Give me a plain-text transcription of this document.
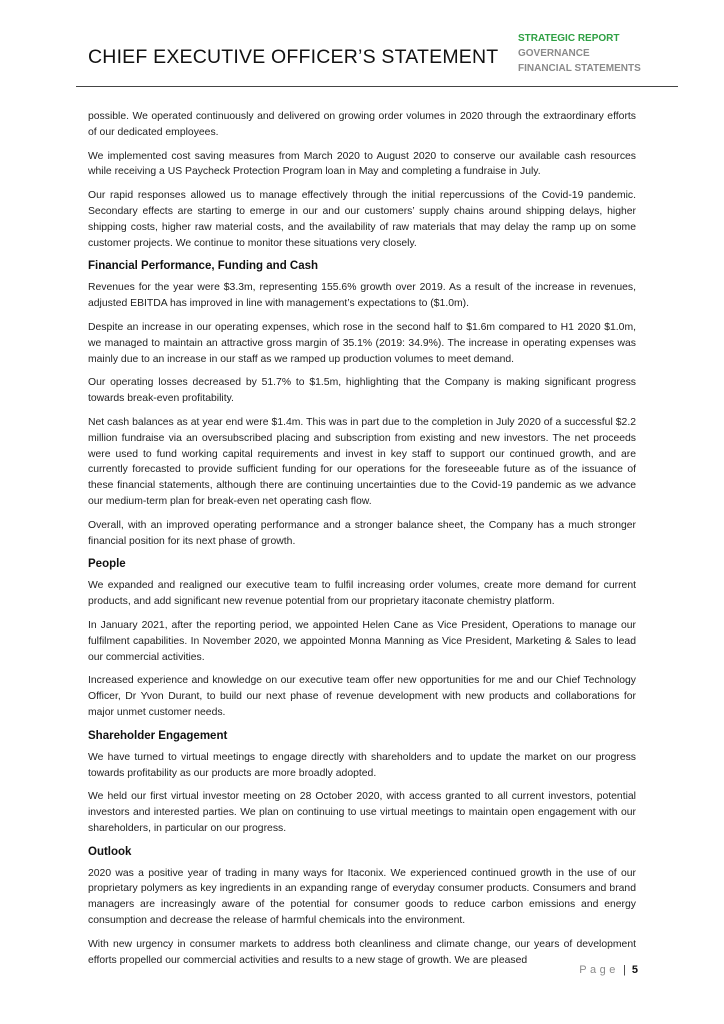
CHIEF EXECUTIVE OFFICER’S STATEMENT
STRATEGIC REPORT
GOVERNANCE
FINANCIAL STATEMENTS

possible. We operated continuously and delivered on growing order volumes in 2020 through the extraordinary efforts of our dedicated employees.

We implemented cost saving measures from March 2020 to August 2020 to conserve our available cash resources while receiving a US Paycheck Protection Program loan in May and completing a fundraise in July.

Our rapid responses allowed us to manage effectively through the initial repercussions of the Covid-19 pandemic. Secondary effects are starting to emerge in our and our customers’ supply chains around shipping delays, higher shipping costs, higher raw material costs, and the availability of raw materials that may delay the ramp up on some customer projects. We continue to monitor these situations very closely.

Financial Performance, Funding and Cash

Revenues for the year were $3.3m, representing 155.6% growth over 2019. As a result of the increase in revenues, adjusted EBITDA has improved in line with management’s expectations to ($1.0m).

Despite an increase in our operating expenses, which rose in the second half to $1.6m compared to H1 2020 $1.0m, we managed to maintain an attractive gross margin of 35.1% (2019: 34.9%). The increase in operating expenses was mainly due to an increase in our staff as we ramped up production volumes to meet demand.

Our operating losses decreased by 51.7% to $1.5m, highlighting that the Company is making significant progress towards break-even profitability.

Net cash balances as at year end were $1.4m. This was in part due to the completion in July 2020 of a successful $2.2 million fundraise via an oversubscribed placing and subscription from existing and new investors. The net proceeds were used to fund working capital requirements and invest in key staff to support our continued growth, and are currently forecasted to provide sufficient funding for our operations for the foreseeable future as of the issuance of these financial statements, although there are continuing uncertainties due to the Covid-19 pandemic as we advance our medium-term plan for break-even net operating cash flow.

Overall, with an improved operating performance and a stronger balance sheet, the Company has a much stronger financial position for its next phase of growth.

People

We expanded and realigned our executive team to fulfil increasing order volumes, create more demand for current products, and add significant new revenue potential from our proprietary itaconate chemistry platform.

In January 2021, after the reporting period, we appointed Helen Cane as Vice President, Operations to manage our fulfilment capabilities. In November 2020, we appointed Monna Manning as Vice President, Marketing & Sales to lead our commercial activities.

Increased experience and knowledge on our executive team offer new opportunities for me and our Chief Technology Officer, Dr Yvon Durant, to build our next phase of revenue development with new products and collaborations for major unmet customer needs.

Shareholder Engagement

We have turned to virtual meetings to engage directly with shareholders and to update the market on our progress towards profitability as our products are more broadly adopted.

We held our first virtual investor meeting on 28 October 2020, with access granted to all current investors, potential investors and interested parties. We plan on continuing to use virtual meetings to maintain open engagement with our shareholders, in particular on our progress.

Outlook

2020 was a positive year of trading in many ways for Itaconix. We experienced continued growth in the use of our proprietary polymers as key ingredients in an expanding range of everyday consumer products. Consumers and brand managers are increasingly aware of the potential for consumer goods to reduce carbon emissions and energy consumption and decrease the release of harmful chemicals into the environment.

With new urgency in consumer markets to address both cleanliness and climate change, our years of development efforts propelled our commercial activities and results to a new stage of growth. We are pleased

Page | 5
